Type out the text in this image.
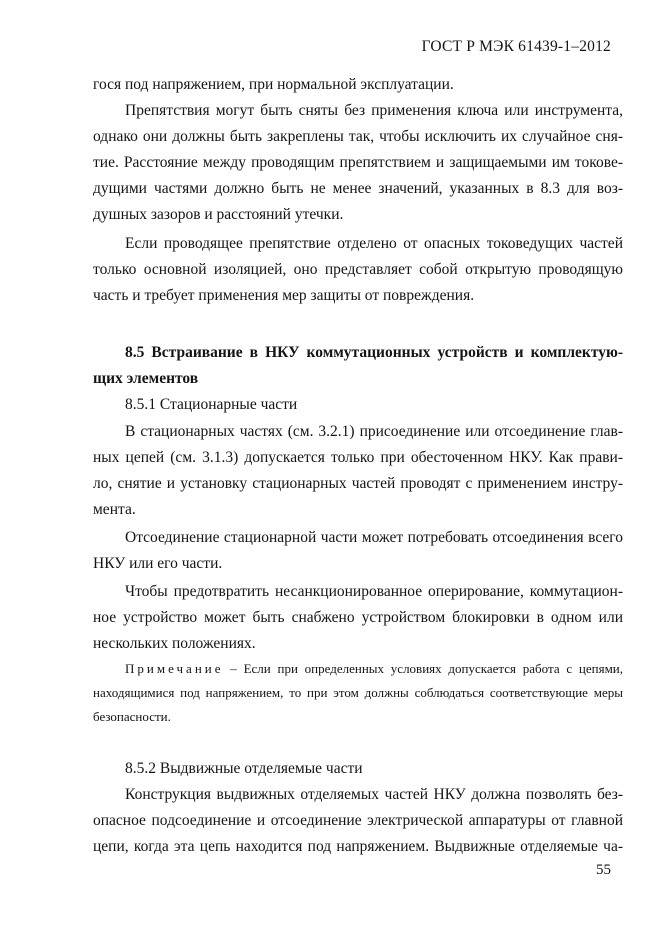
ГОСТ Р МЭК 61439-1–2012
гося под напряжением, при нормальной эксплуатации.
Препятствия могут быть сняты без применения ключа или инструмента,
однако они должны быть закреплены так, чтобы исключить их случайное сня-
тие. Расстояние между проводящим препятствием и защищаемыми им токове-
дущими частями должно быть не менее значений, указанных в 8.3 для воз-
душных зазоров и расстояний утечки.
Если проводящее препятствие отделено от опасных токоведущих частей
только основной изоляцией, оно представляет собой открытую проводящую
часть и требует применения мер защиты от повреждения.
8.5 Встраивание в НКУ коммутационных устройств и комплектую-
щих элементов
8.5.1 Стационарные части
В стационарных частях (см. 3.2.1) присоединение или отсоединение глав-
ных цепей (см. 3.1.3) допускается только при обесточенном НКУ. Как прави-
ло, снятие и установку стационарных частей проводят с применением инстру-
мента.
Отсоединение стационарной части может потребовать отсоединения всего
НКУ или его части.
Чтобы предотвратить несанкционированное оперирование, коммутацион-
ное устройство может быть снабжено устройством блокировки в одном или
нескольких положениях.
Примечание – Если при определенных условиях допускается работа с цепями,
находящимися под напряжением, то при этом должны соблюдаться соответствующие меры
безопасности.
8.5.2 Выдвижные отделяемые части
Конструкция выдвижных отделяемых частей НКУ должна позволять без-
опасное подсоединение и отсоединение электрической аппаратуры от главной
цепи, когда эта цепь находится под напряжением. Выдвижные отделяемые ча-
55
